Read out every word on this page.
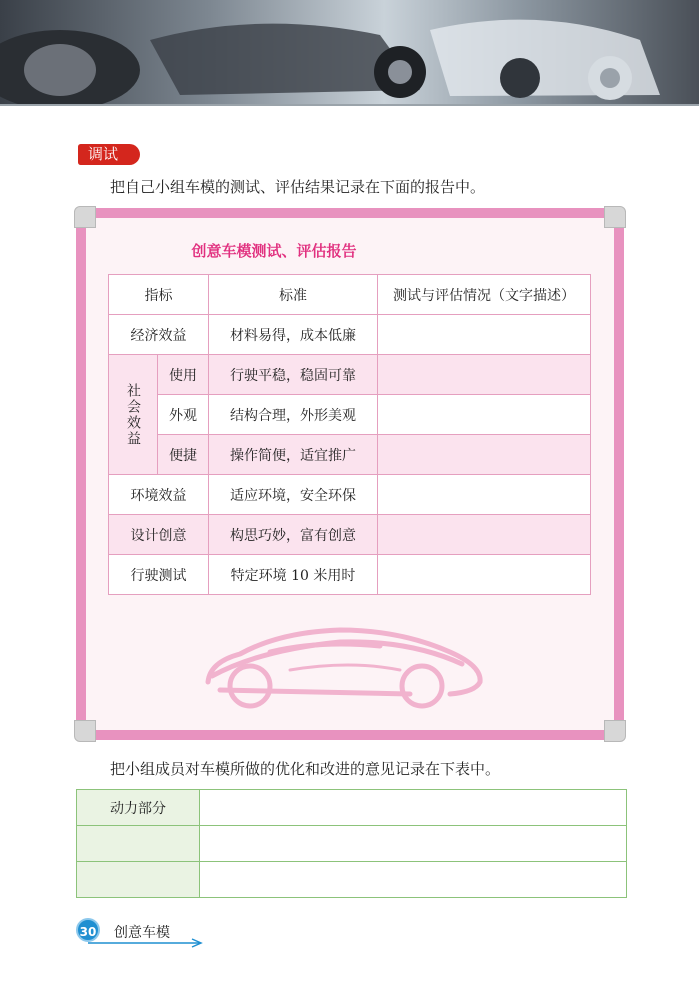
调试
把自己小组车模的测试、评估结果记录在下面的报告中。
创意车模测试、评估报告
指标		标准	测试与评估情况（文字描述）
经济效益		材料易得，成本低廉	

社会效益	使用	行驶平稳，稳固可靠	
	外观	结构合理，外形美观	
	便捷	操作简便，适宜推广	
环境效益		适应环境，安全环保	
设计创意		构思巧妙，富有创意	
行驶测试		特定环境 10 米用时	
把小组成员对车模所做的优化和改进的意见记录在下表中。
动力部分	

30 创意车模
